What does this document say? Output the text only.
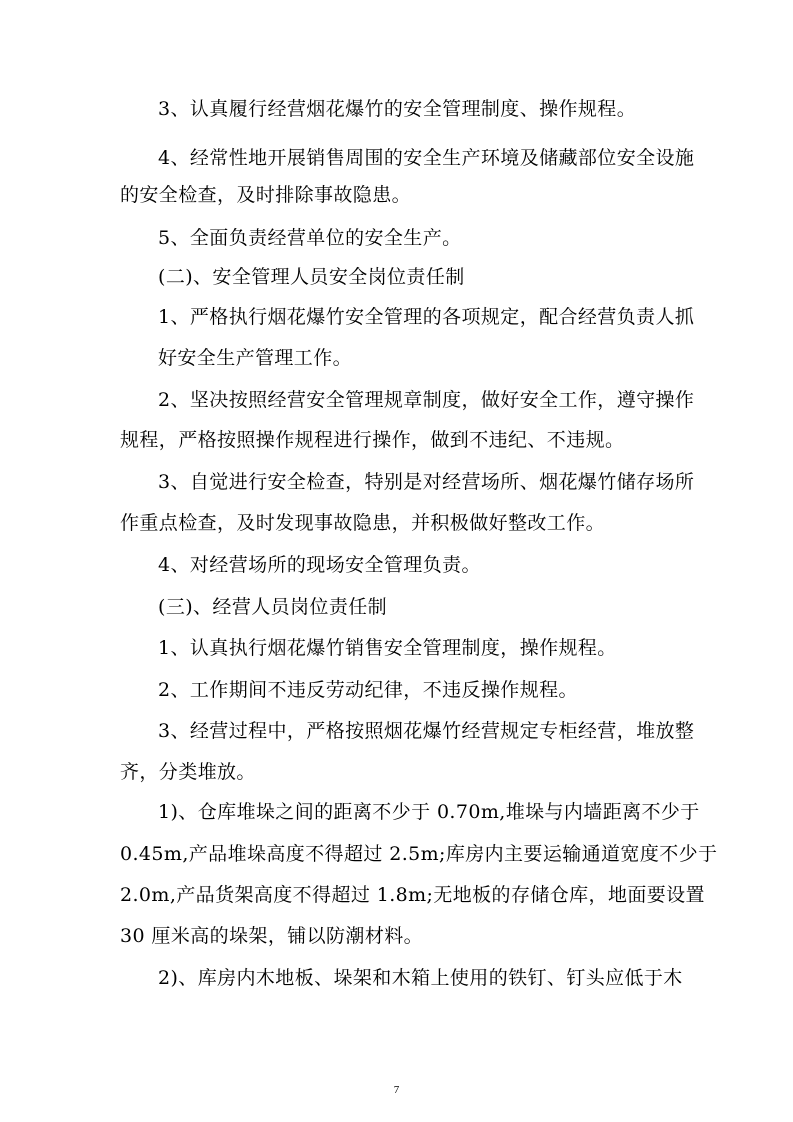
3、认真履行经营烟花爆竹的安全管理制度、操作规程。

4、经常性地开展销售周围的安全生产环境及储藏部位安全设施

的安全检查，及时排除事故隐患。

5、全面负责经营单位的安全生产。

(二)、安全管理人员安全岗位责任制

1、严格执行烟花爆竹安全管理的各项规定，配合经营负责人抓

好安全生产管理工作。

2、坚决按照经营安全管理规章制度，做好安全工作，遵守操作

规程，严格按照操作规程进行操作，做到不违纪、不违规。

3、自觉进行安全检查，特别是对经营场所、烟花爆竹储存场所

作重点检查，及时发现事故隐患，并积极做好整改工作。

4、对经营场所的现场安全管理负责。

(三)、经营人员岗位责任制

1、认真执行烟花爆竹销售安全管理制度，操作规程。

2、工作期间不违反劳动纪律，不违反操作规程。

3、经营过程中，严格按照烟花爆竹经营规定专柜经营，堆放整

齐，分类堆放。

1)、仓库堆垛之间的距离不少于 0.70m,堆垛与内墙距离不少于

0.45m,产品堆垛高度不得超过 2.5m;库房内主要运输通道宽度不少于

2.0m,产品货架高度不得超过 1.8m;无地板的存储仓库，地面要设置

30 厘米高的垛架，铺以防潮材料。

2)、库房内木地板、垛架和木箱上使用的铁钉、钉头应低于木

7
